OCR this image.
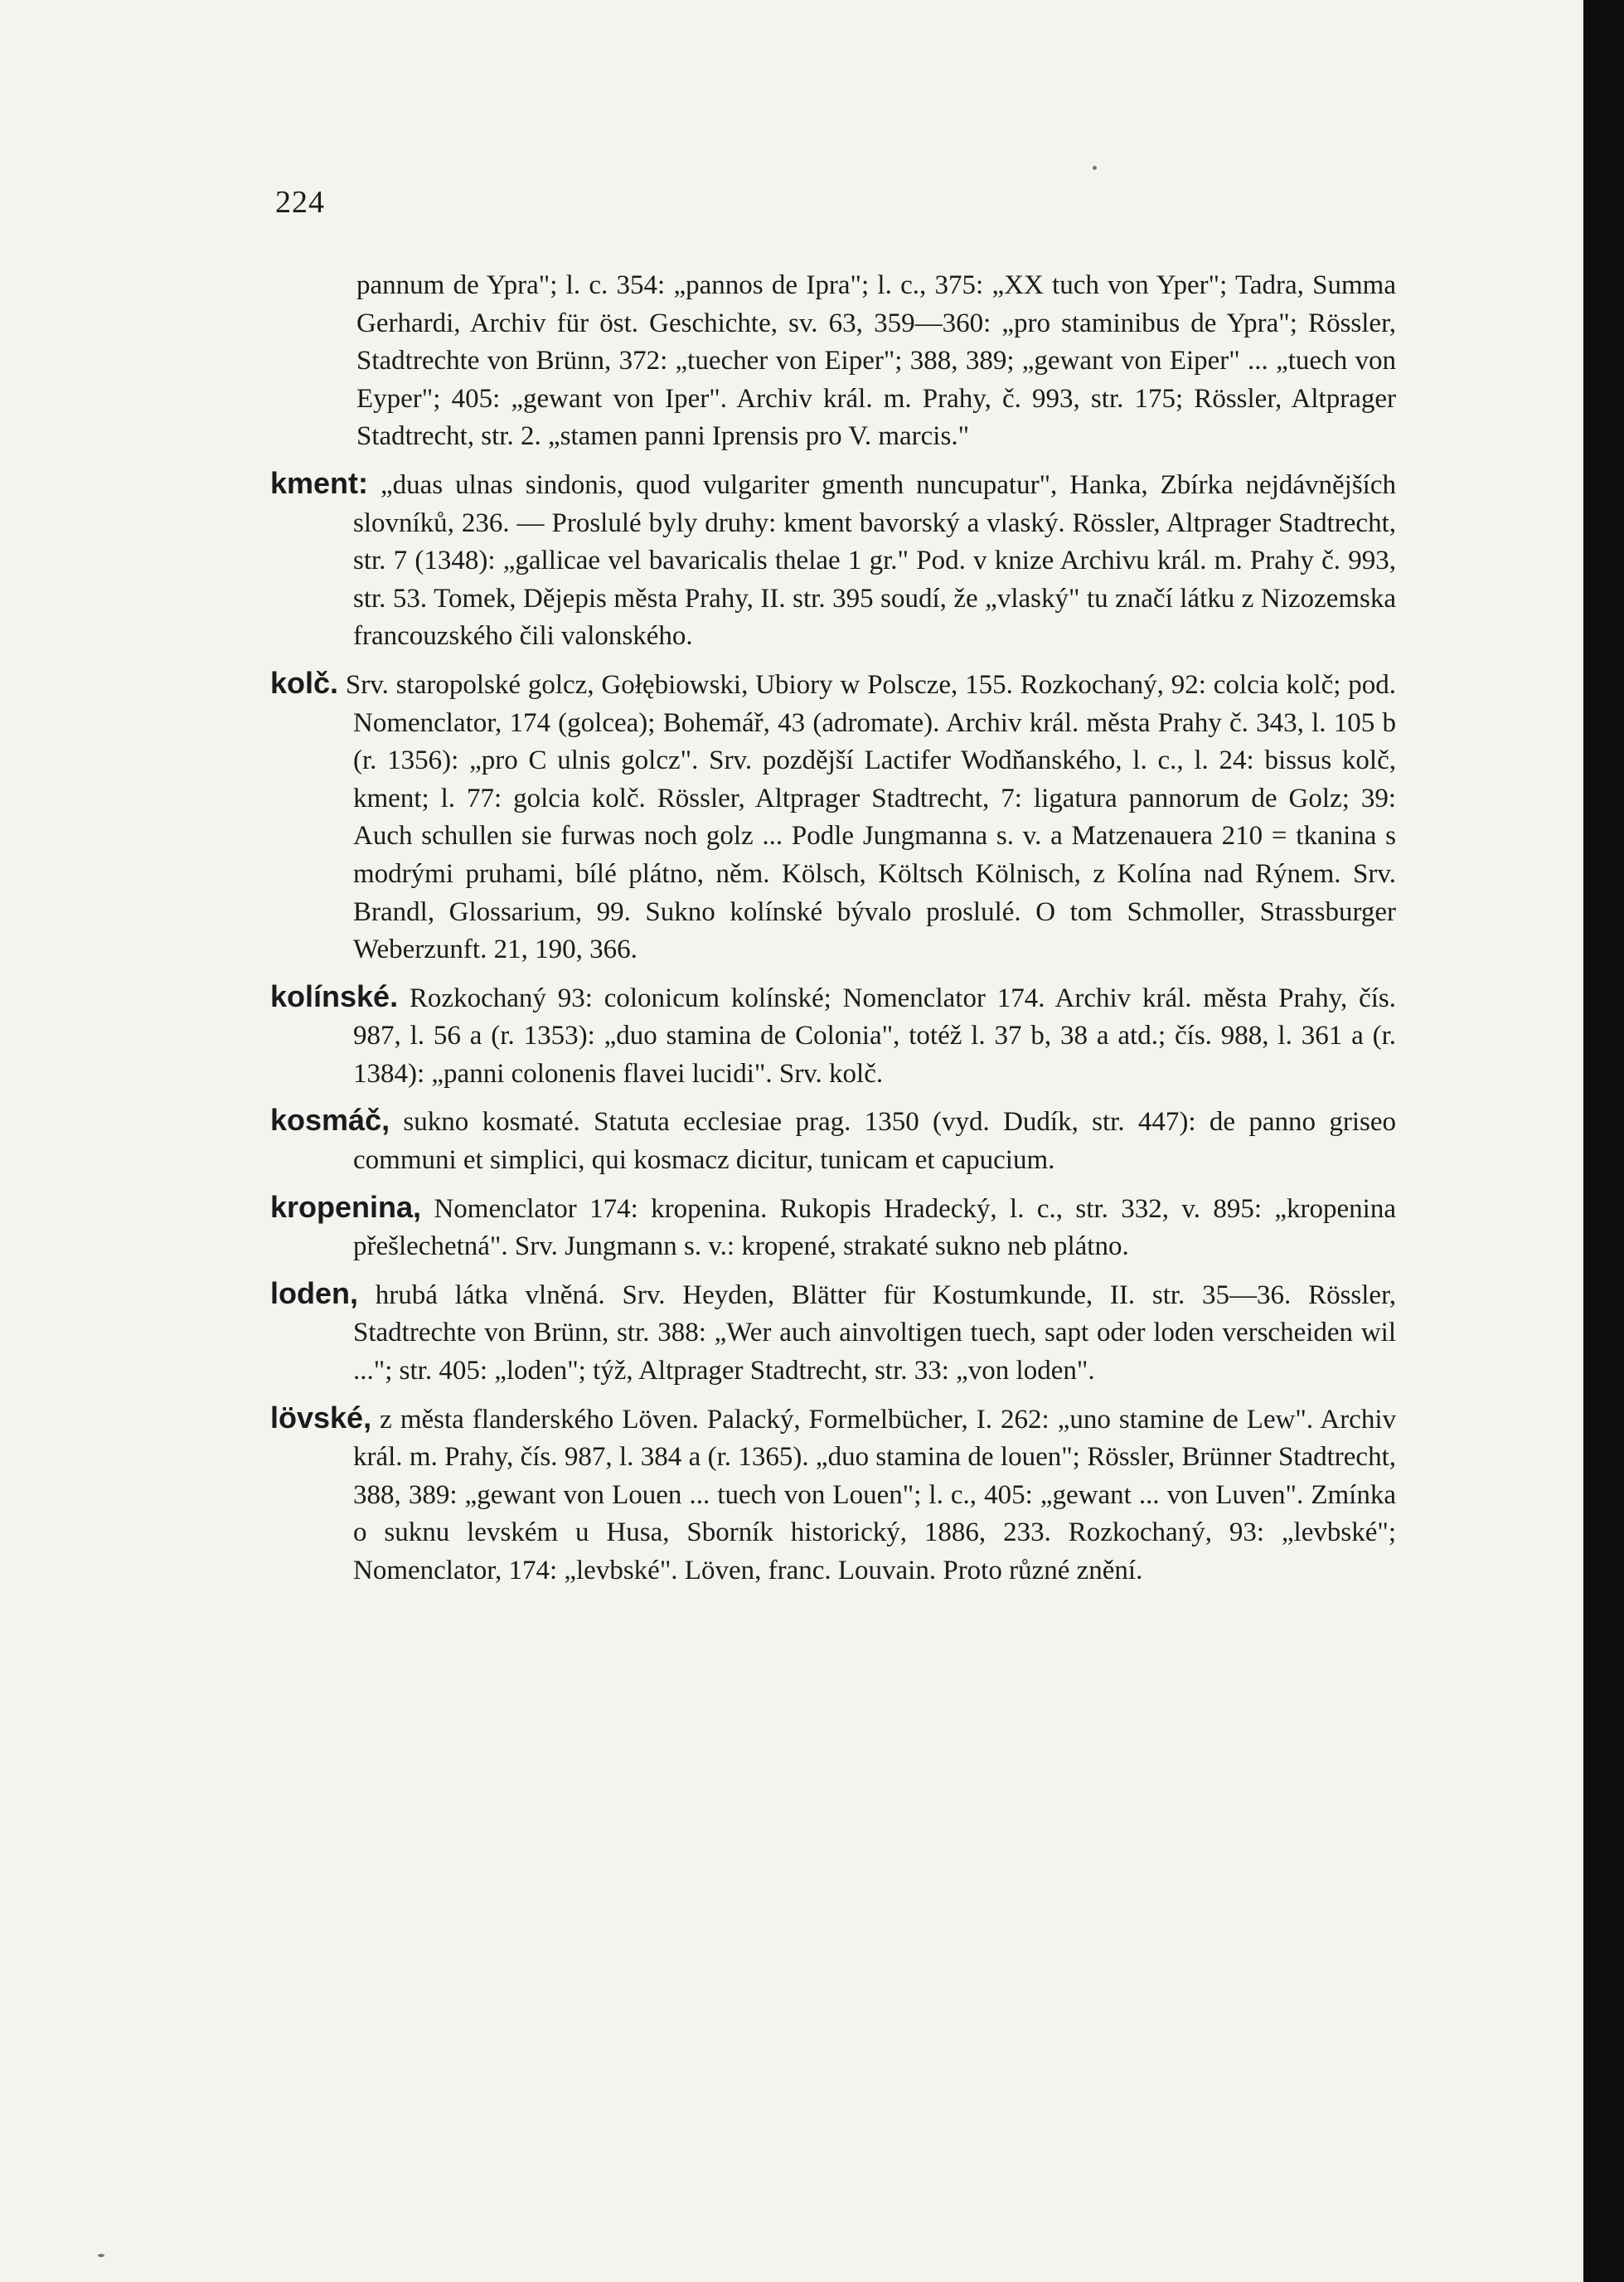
224

pannum de Ypra"; l. c. 354: „pannos de Ipra"; l. c., 375: „XX tuch von Yper"; Tadra, Summa Gerhardi, Archiv für öst. Geschichte, sv. 63, 359—360: „pro staminibus de Ypra"; Rössler, Stadtrechte von Brünn, 372: „tuecher von Eiper"; 388, 389; „gewant von Eiper" ... „tuech von Eyper"; 405: „gewant von Iper". Archiv král. m. Prahy, č. 993, str. 175; Rössler, Altprager Stadtrecht, str. 2. „stamen panni Iprensis pro V. marcis."

kment: „duas ulnas sindonis, quod vulgariter gmenth nuncupatur", Hanka, Zbírka nejdávnějších slovníků, 236. — Proslulé byly druhy: kment bavorský a vlaský. Rössler, Altprager Stadtrecht, str. 7 (1348): „gallicae vel bavaricalis thelae 1 gr." Pod. v knize Archivu král. m. Prahy č. 993, str. 53. Tomek, Dějepis města Prahy, II. str. 395 soudí, že „vlaský" tu značí látku z Nizozemska francouzského čili valonského.

kolč. Srv. staropolské golcz, Gołębiowski, Ubiory w Polscze, 155. Rozkochaný, 92: colcia kolč; pod. Nomenclator, 174 (golcea); Bohemář, 43 (adromate). Archiv král. města Prahy č. 343, l. 105 b (r. 1356): „pro C ulnis golcz". Srv. pozdější Lactifer Wodňanského, l. c., l. 24: bissus kolč, kment; l. 77: golcia kolč. Rössler, Altprager Stadtrecht, 7: ligatura pannorum de Golz; 39: Auch schullen sie furwas noch golz ... Podle Jungmanna s. v. a Matzenauera 210 = tkanina s modrými pruhami, bílé plátno, něm. Kölsch, Költsch Kölnisch, z Kolína nad Rýnem. Srv. Brandl, Glossarium, 99. Sukno kolínské bývalo proslulé. O tom Schmoller, Strassburger Weberzunft. 21, 190, 366.

kolínské. Rozkochaný 93: colonicum kolínské; Nomenclator 174. Archiv král. města Prahy, čís. 987, l. 56 a (r. 1353): „duo stamina de Colonia", totéž l. 37 b, 38 a atd.; čís. 988, l. 361 a (r. 1384): „panni colonenis flavei lucidi". Srv. kolč.

kosmáč, sukno kosmaté. Statuta ecclesiae prag. 1350 (vyd. Dudík, str. 447): de panno griseo communi et simplici, qui kosmacz dicitur, tunicam et capucium.

kropenina, Nomenclator 174: kropenina. Rukopis Hradecký, l. c., str. 332, v. 895: „kropenina přešlechetná". Srv. Jungmann s. v.: kropené, strakaté sukno neb plátno.

loden, hrubá látka vlněná. Srv. Heyden, Blätter für Kostumkunde, II. str. 35—36. Rössler, Stadtrechte von Brünn, str. 388: „Wer auch ainvoltigen tuech, sapt oder loden verscheiden wil ..."; str. 405: „loden"; týž, Altprager Stadtrecht, str. 33: „von loden".

lövské, z města flanderského Löven. Palacký, Formelbücher, I. 262: „uno stamine de Lew". Archiv král. m. Prahy, čís. 987, l. 384 a (r. 1365). „duo stamina de louen"; Rössler, Brünner Stadtrecht, 388, 389: „gewant von Louen ... tuech von Louen"; l. c., 405: „gewant ... von Luven". Zmínka o suknu levském u Husa, Sborník historický, 1886, 233. Rozkochaný, 93: „levbské"; Nomenclator, 174: „levbské". Löven, franc. Louvain. Proto různé znění.
